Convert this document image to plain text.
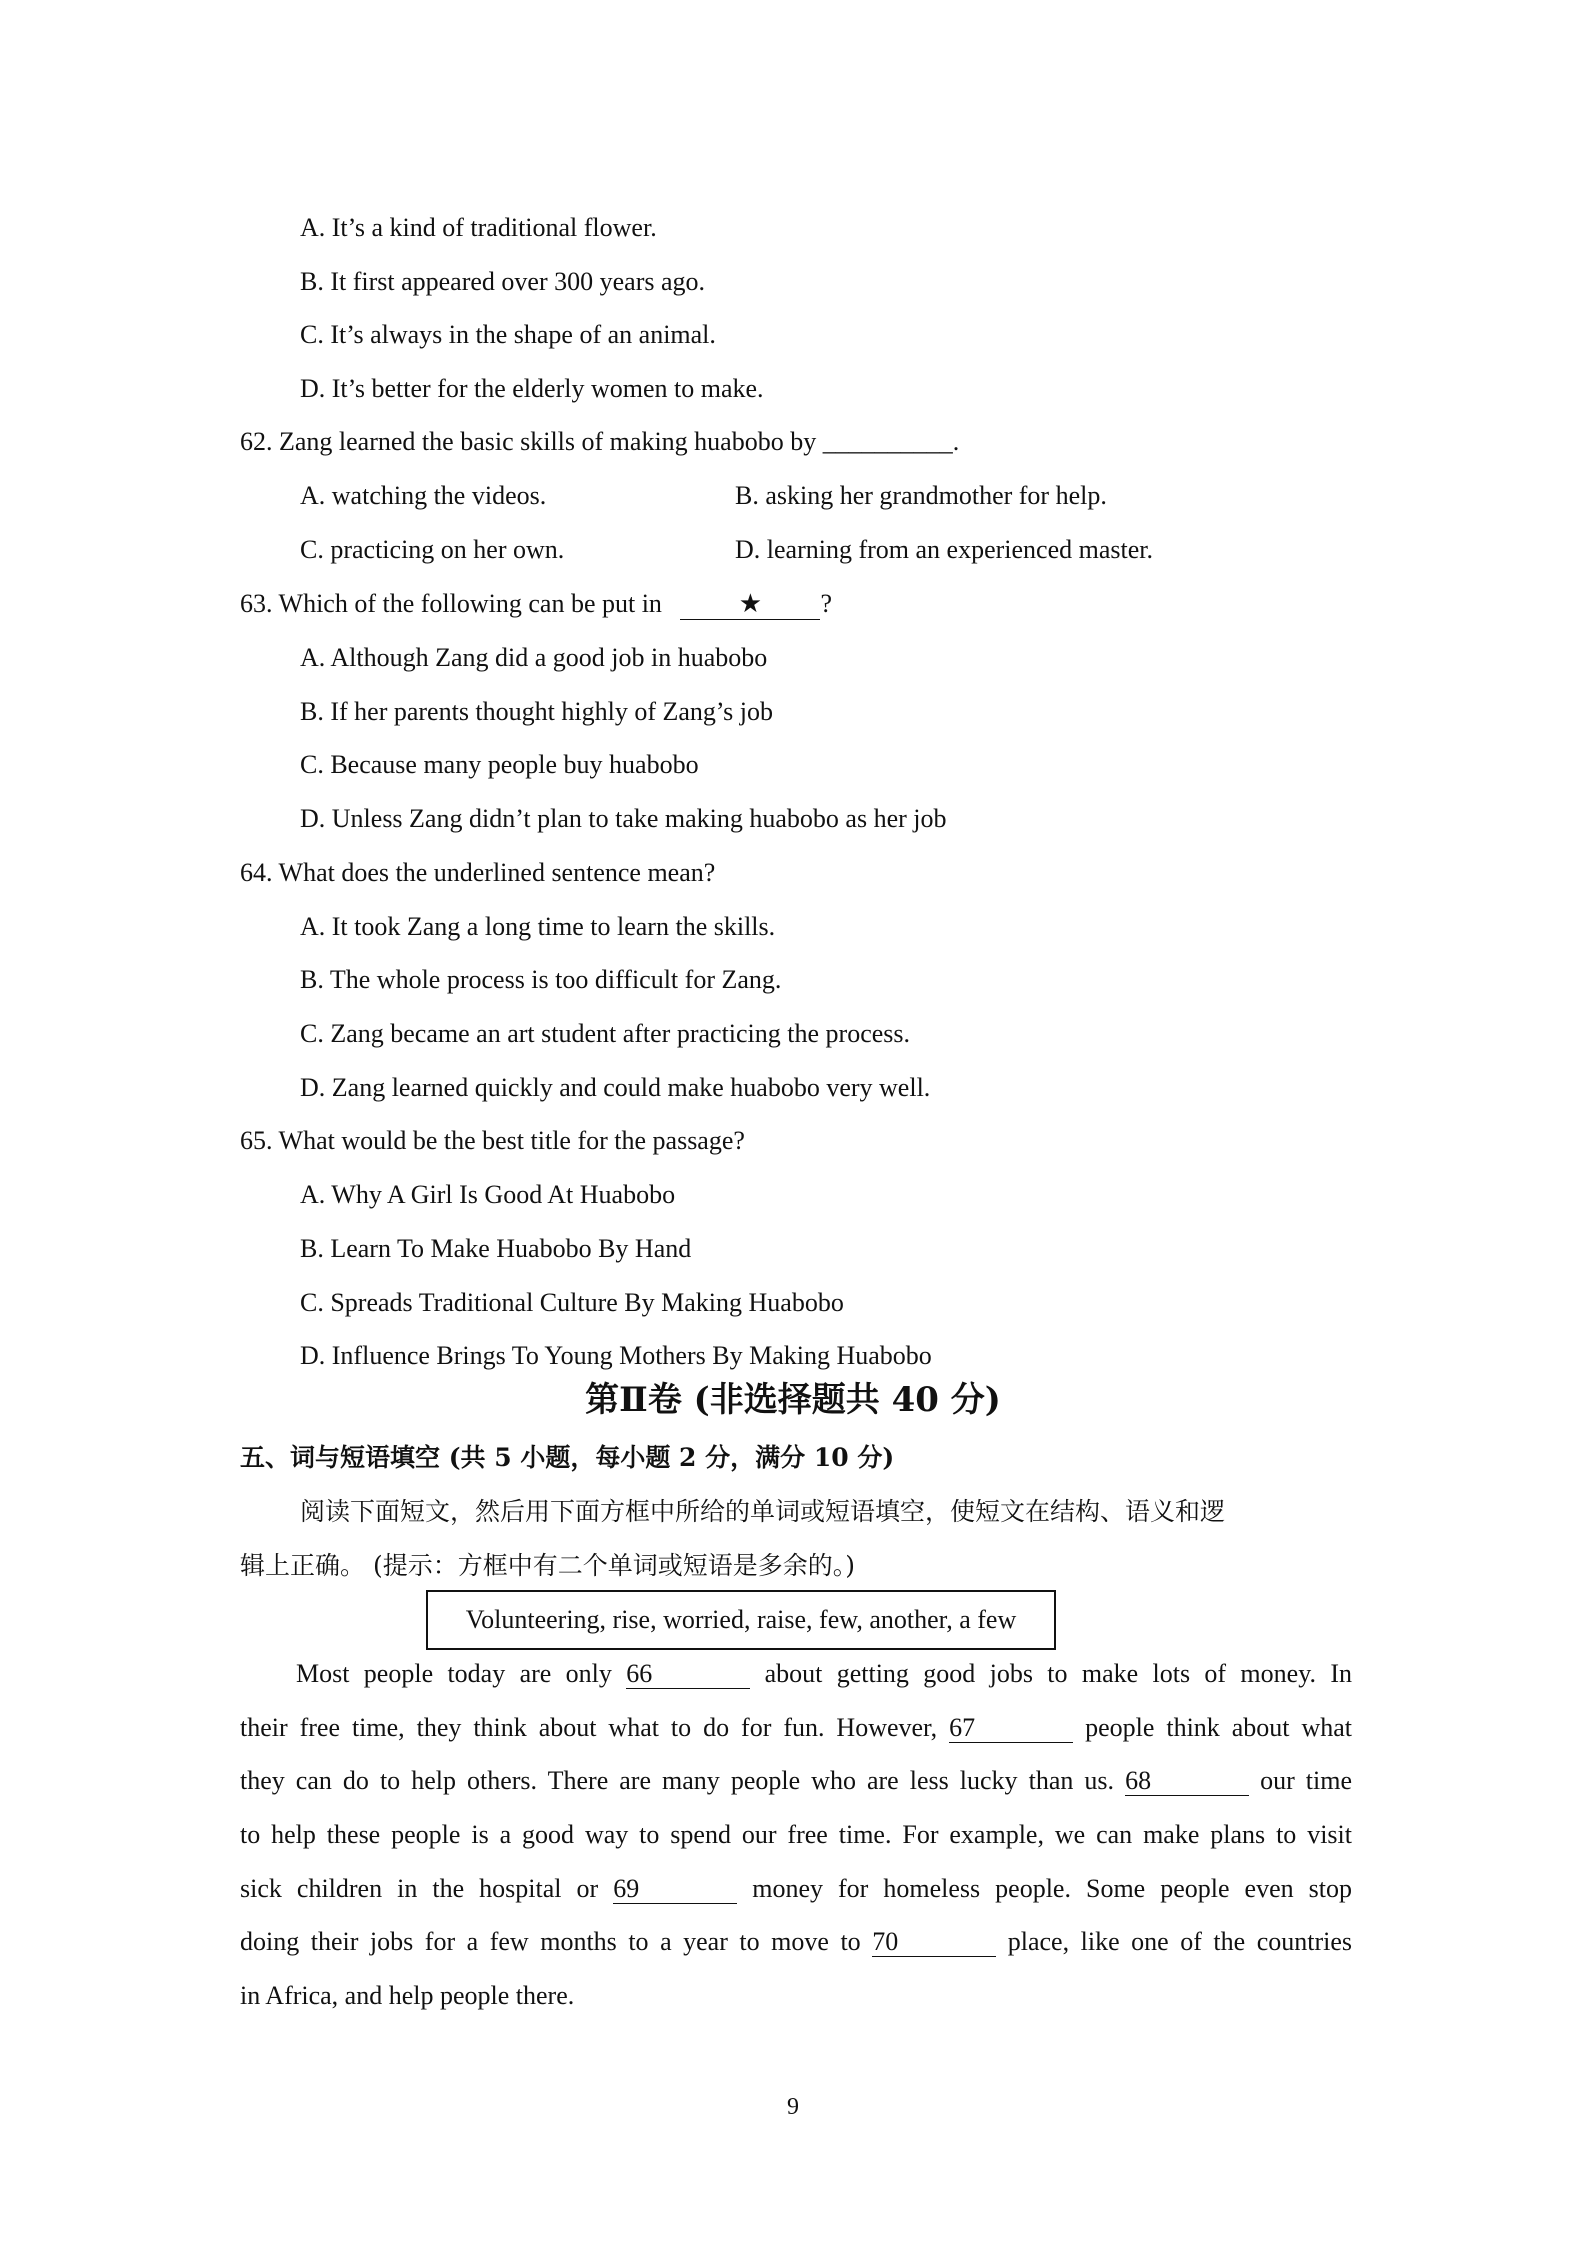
A. It’s a kind of traditional flower.
B. It first appeared over 300 years ago.
C. It’s always in the shape of an animal.
D. It’s better for the elderly women to make.
62. Zang learned the basic skills of making huabobo by __________.
A. watching the videos.	B. asking her grandmother for help.
C. practicing on her own.	D. learning from an experienced master.
63. Which of the following can be put in	★ ?
A. Although Zang did a good job in huabobo
B. If her parents thought highly of Zang’s job
C. Because many people buy huabobo
D. Unless Zang didn’t plan to take making huabobo as her job
64. What does the underlined sentence mean?
A. It took Zang a long time to learn the skills.
B. The whole process is too difficult for Zang.
C. Zang became an art student after practicing the process.
D. Zang learned quickly and could make huabobo very well.
65. What would be the best title for the passage?
A. Why A Girl Is Good At Huabobo
B. Learn To Make Huabobo By Hand
C. Spreads Traditional Culture By Making Huabobo
D. Influence Brings To Young Mothers By Making Huabobo
第Ⅱ卷 (非选择题共 40 分)
五、词与短语填空 (共 5 小题，每小题 2 分，满分 10 分)
阅读下面短文，然后用下面方框中所给的单词或短语填空，使短文在结构、语义和逻
辑上正确。 (提示：方框中有二个单词或短语是多余的。)
Volunteering, rise, worried, raise, few, another, a few
Most people today are only 66	about getting good jobs to make lots of money. In
their free time, they think about what to do for fun. However, 67	people think about what
they can do to help others. There are many people who are less lucky than us. 68	our time
to help these people is a good way to spend our free time. For example, we can make plans to visit
sick children in the hospital or 69	money for homeless people. Some people even stop
doing their jobs for a few months to a year to move to 70	place, like one of the countries
in Africa, and help people there.
9
